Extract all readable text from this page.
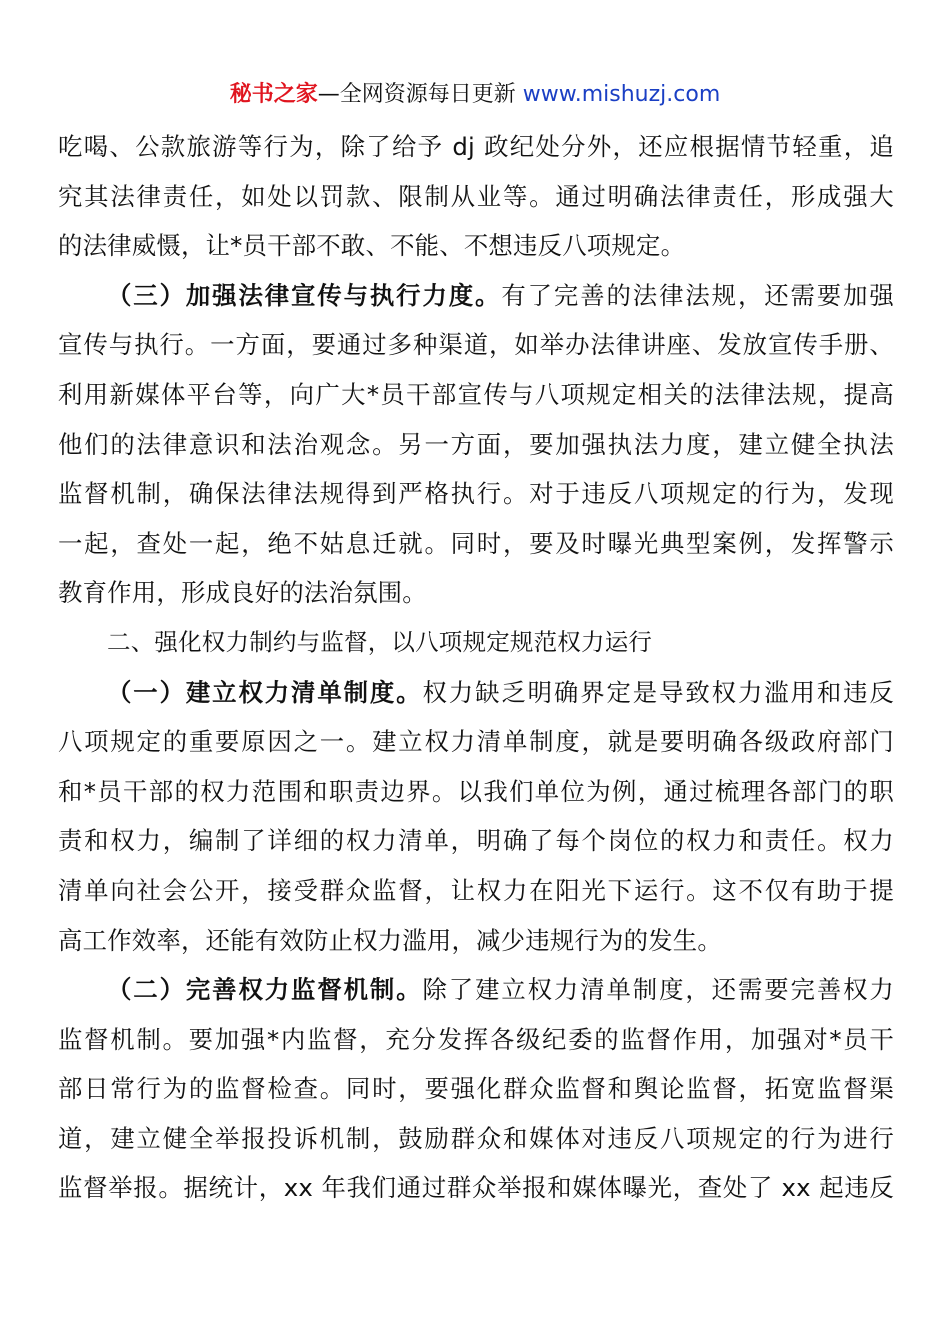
秘书之家—全网资源每日更新 www.mishuzj.com
吃喝、公款旅游等行为，除了给予 dj 政纪处分外，还应根据情节轻重，追
究其法律责任，如处以罚款、限制从业等。通过明确法律责任，形成强大
的法律威慑，让*员干部不敢、不能、不想违反八项规定。
（三）加强法律宣传与执行力度。有了完善的法律法规，还需要加强
宣传与执行。一方面，要通过多种渠道，如举办法律讲座、发放宣传手册、
利用新媒体平台等，向广大*员干部宣传与八项规定相关的法律法规，提高
他们的法律意识和法治观念。另一方面，要加强执法力度，建立健全执法
监督机制，确保法律法规得到严格执行。对于违反八项规定的行为，发现
一起，查处一起，绝不姑息迁就。同时，要及时曝光典型案例，发挥警示
教育作用，形成良好的法治氛围。
二、强化权力制约与监督，以八项规定规范权力运行
（一）建立权力清单制度。权力缺乏明确界定是导致权力滥用和违反
八项规定的重要原因之一。建立权力清单制度，就是要明确各级政府部门
和*员干部的权力范围和职责边界。以我们单位为例，通过梳理各部门的职
责和权力，编制了详细的权力清单，明确了每个岗位的权力和责任。权力
清单向社会公开，接受群众监督，让权力在阳光下运行。这不仅有助于提
高工作效率，还能有效防止权力滥用，减少违规行为的发生。
（二）完善权力监督机制。除了建立权力清单制度，还需要完善权力
监督机制。要加强*内监督，充分发挥各级纪委的监督作用，加强对*员干
部日常行为的监督检查。同时，要强化群众监督和舆论监督，拓宽监督渠
道，建立健全举报投诉机制，鼓励群众和媒体对违反八项规定的行为进行
监督举报。据统计，xx 年我们通过群众举报和媒体曝光，查处了 xx 起违反
